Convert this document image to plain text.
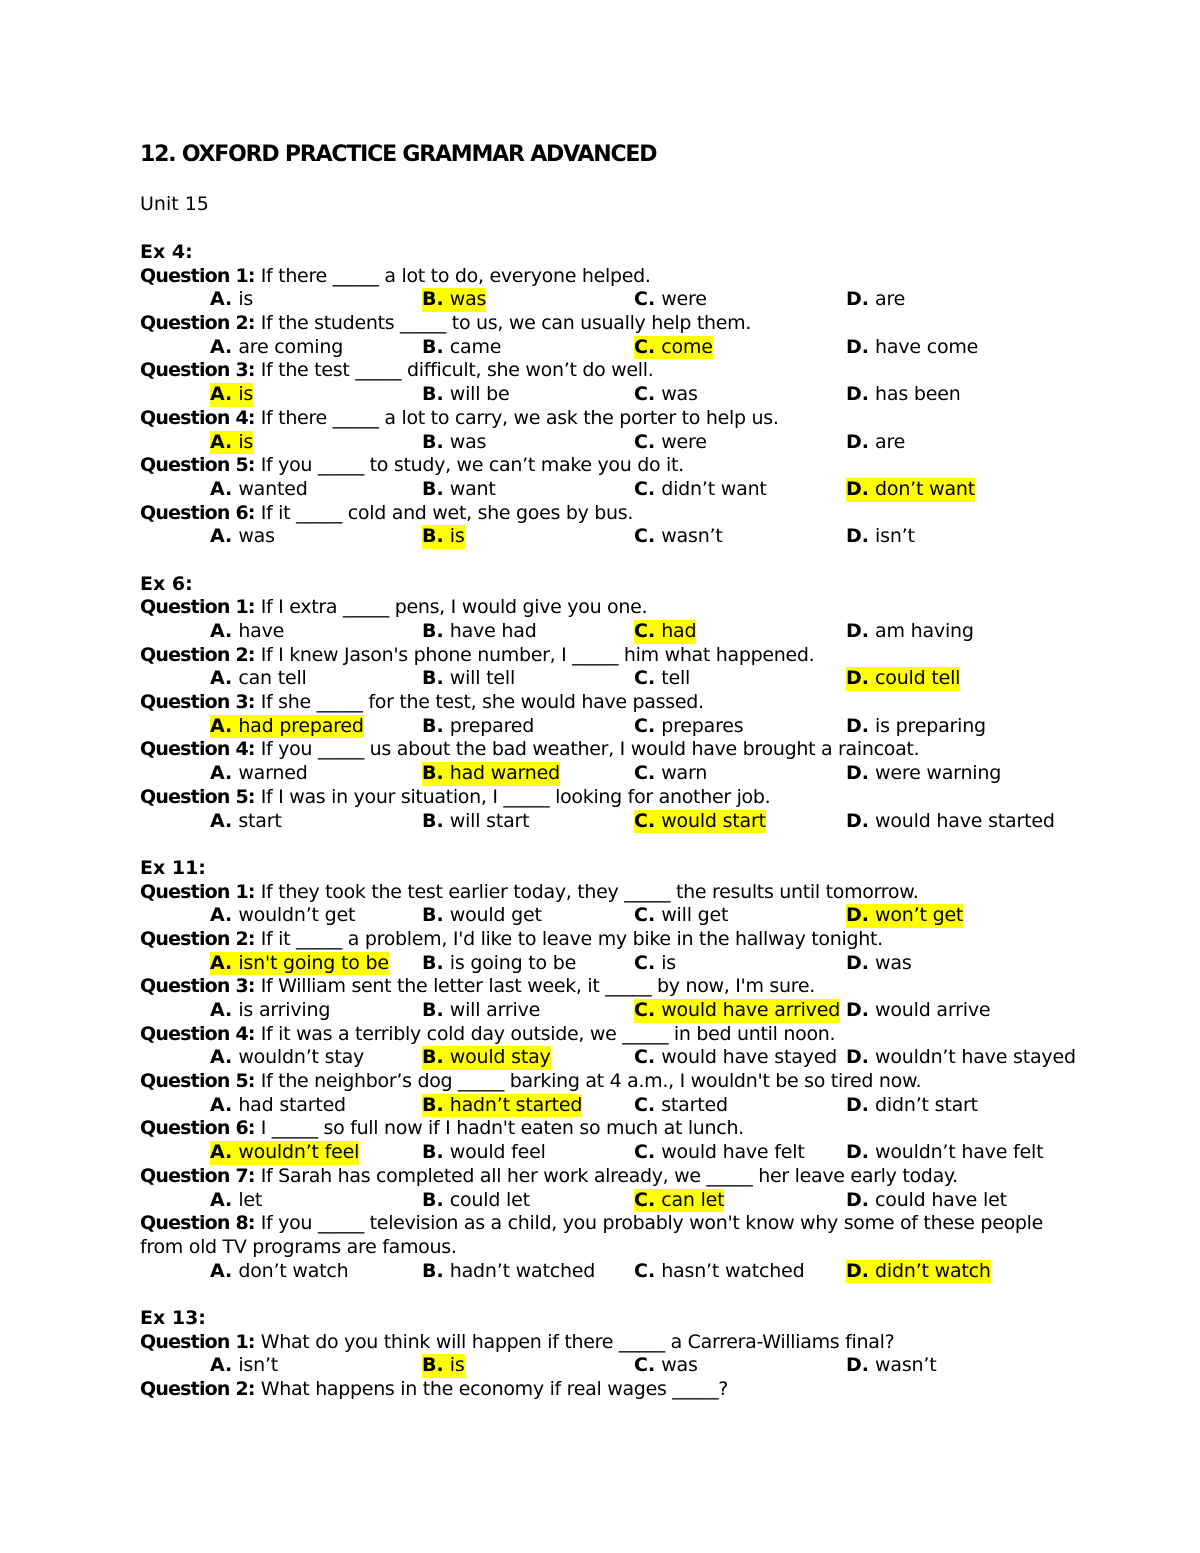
12. OXFORD PRACTICE GRAMMAR ADVANCED
Unit 15
Ex 4:
Question 1: If there _____ a lot to do, everyone helped.
A. is	B. was	C. were	D. are
Question 2: If the students _____ to us, we can usually help them.
A. are coming	B. came	C. come	D. have come
Question 3: If the test _____ difficult, she won’t do well.
A. is	B. will be	C. was	D. has been
Question 4: If there _____ a lot to carry, we ask the porter to help us.
A. is	B. was	C. were	D. are
Question 5: If you _____ to study, we can’t make you do it.
A. wanted	B. want	C. didn’t want	D. don’t want
Question 6: If it _____ cold and wet, she goes by bus.
A. was	B. is	C. wasn’t	D. isn’t
Ex 6:
Question 1: If I extra _____ pens, I would give you one.
A. have	B. have had	C. had	D. am having
Question 2: If I knew Jason's phone number, I _____ him what happened.
A. can tell	B. will tell	C. tell	D. could tell
Question 3: If she _____ for the test, she would have passed.
A. had prepared	B. prepared	C. prepares	D. is preparing
Question 4: If you _____ us about the bad weather, I would have brought a raincoat.
A. warned	B. had warned	C. warn	D. were warning
Question 5: If I was in your situation, I _____ looking for another job.
A. start	B. will start	C. would start	D. would have started
Ex 11:
Question 1: If they took the test earlier today, they _____ the results until tomorrow.
A. wouldn’t get	B. would get	C. will get	D. won’t get
Question 2: If it _____ a problem, I'd like to leave my bike in the hallway tonight.
A. isn't going to be B. is going to be	C. is	D. was
Question 3: If William sent the letter last week, it _____ by now, I'm sure.
A. is arriving	B. will arrive	C. would have arrived D. would arrive
Question 4: If it was a terribly cold day outside, we _____ in bed until noon.
A. wouldn’t stay	B. would stay	C. would have stayed D. wouldn’t have stayed
Question 5: If the neighbor’s dog _____ barking at 4 a.m., I wouldn't be so tired now.
A. had started	B. hadn’t started	C. started	D. didn’t start
Question 6: I _____ so full now if I hadn't eaten so much at lunch.
A. wouldn’t feel	B. would feel	C. would have felt D. wouldn’t have felt
Question 7: If Sarah has completed all her work already, we _____ her leave early today.
A. let	B. could let	C. can let	D. could have let
Question 8: If you _____ television as a child, you probably won't know why some of these people from old TV programs are famous.
A. don’t watch	B. hadn’t watched C. hasn’t watched D. didn’t watch
Ex 13:
Question 1: What do you think will happen if there _____ a Carrera-Williams final?
A. isn’t	B. is	C. was	D. wasn’t
Question 2: What happens in the economy if real wages _____?
